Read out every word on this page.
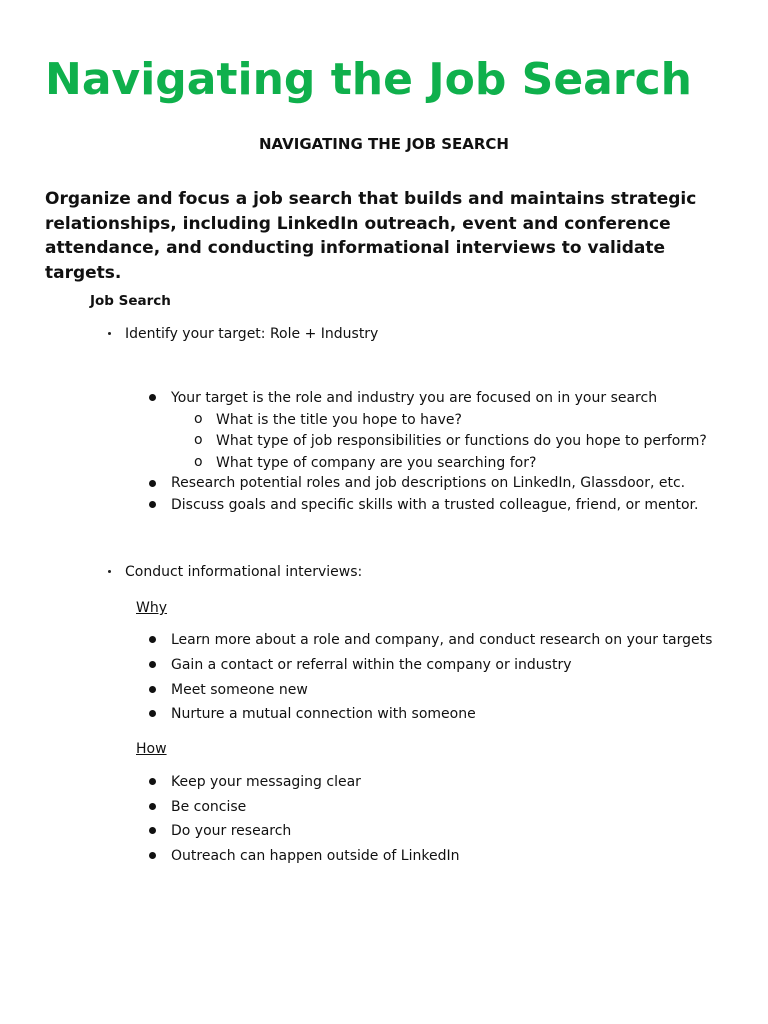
Navigating the Job Search
NAVIGATING THE JOB SEARCH

Organize and focus a job search that builds and maintains strategic relationships, including LinkedIn outreach, event and conference attendance, and conducting informational interviews to validate targets.

Job Search
Identify your target: Role + Industry
Your target is the role and industry you are focused on in your search
o What is the title you hope to have?
o What type of job responsibilities or functions do you hope to perform?
o What type of company are you searching for?
Research potential roles and job descriptions on LinkedIn, Glassdoor, etc.
Discuss goals and specific skills with a trusted colleague, friend, or mentor.
Conduct informational interviews:
Why
Learn more about a role and company, and conduct research on your targets
Gain a contact or referral within the company or industry
Meet someone new
Nurture a mutual connection with someone
How
Keep your messaging clear
Be concise
Do your research
Outreach can happen outside of LinkedIn
